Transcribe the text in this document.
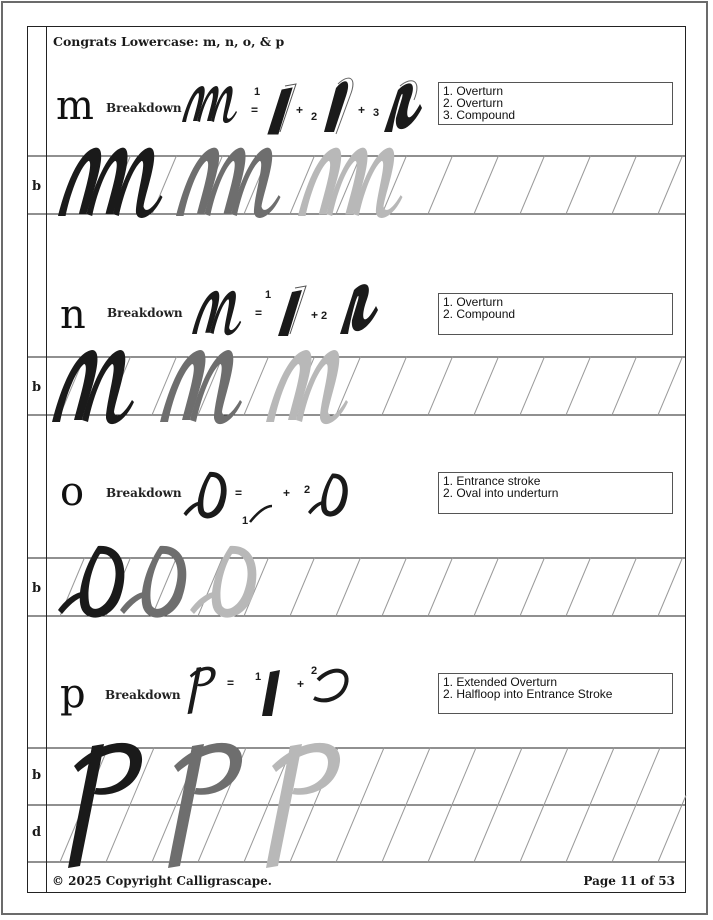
Congrats Lowercase: m, n, o, & p
© 2025 Copyright Calligrascape.	Page 11 of 53
m Breakdown
1. Overturn
2. Overturn
3. Compound
=
1
+ 2	+ 3
b
n Breakdown
1. Overturn
2. Compound
=
1
+ 2
b
o Breakdown
1. Entrance stroke
2. Oval into underturn
=
1
+ 2
b
p Breakdown
1. Extended Overturn
2. Halfloop into Entrance Stroke
= 1	+
2
b
d
